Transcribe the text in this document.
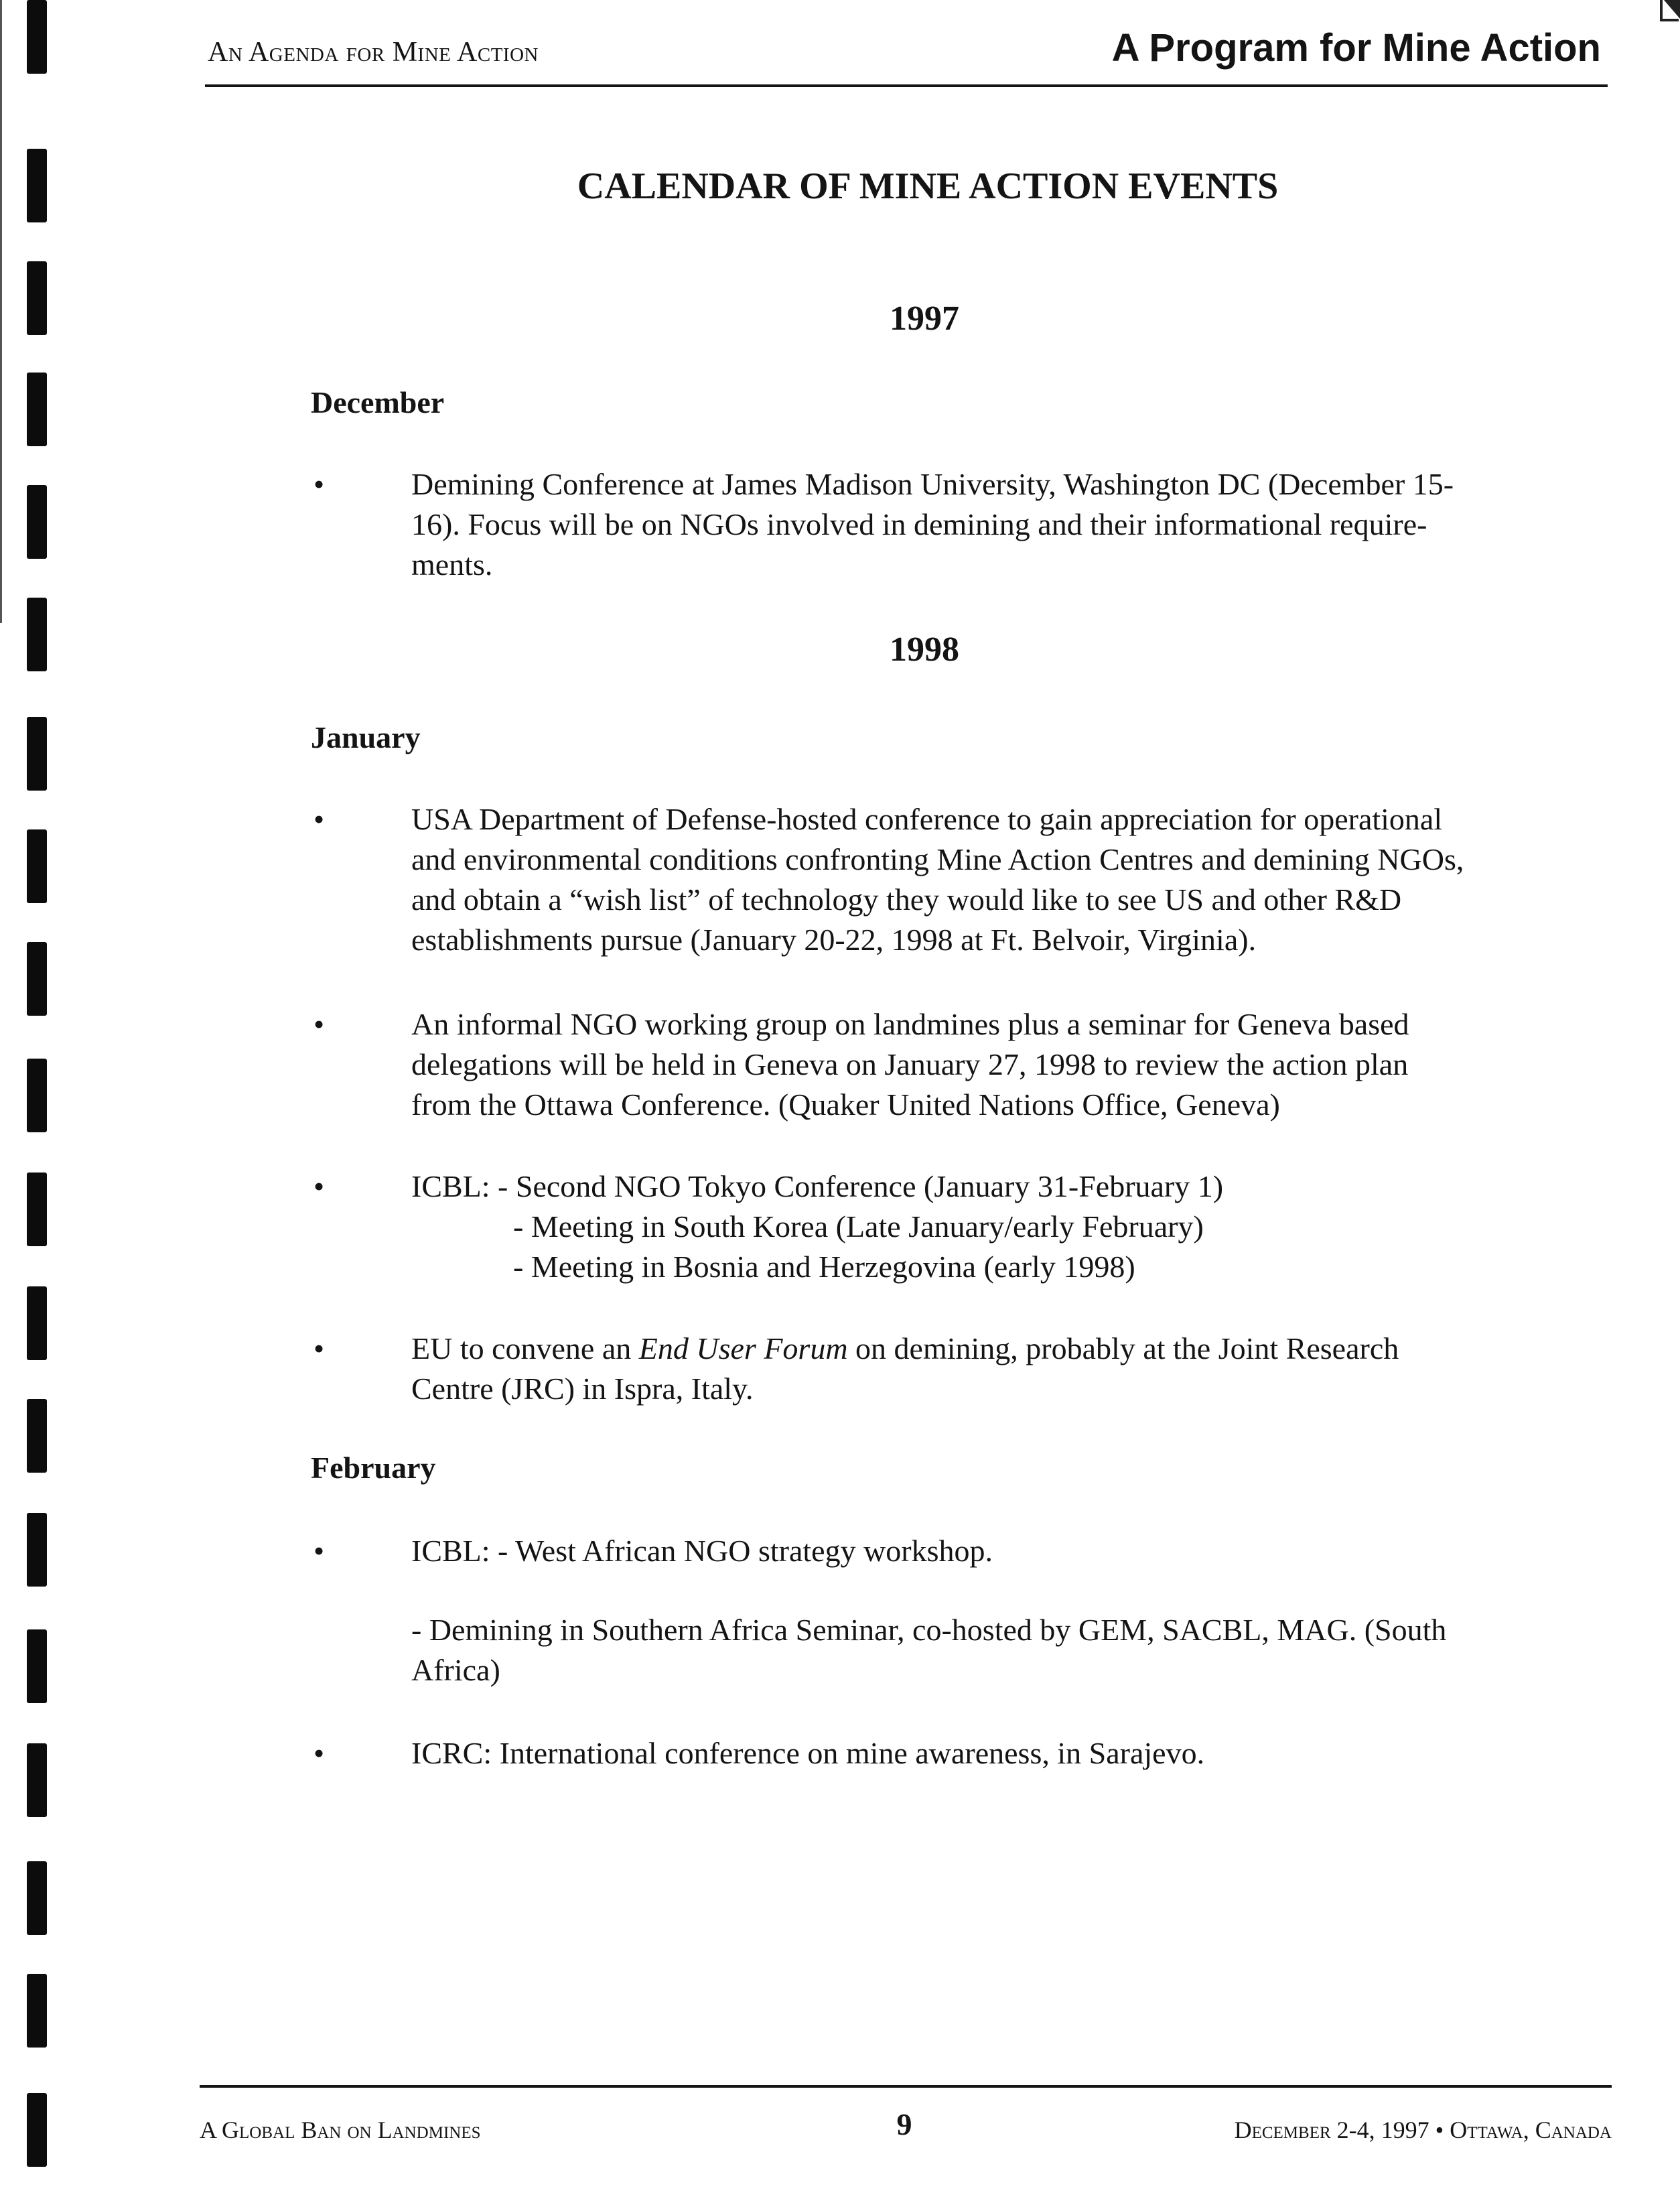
An Agenda for Mine Action	A Program for Mine Action
CALENDAR OF MINE ACTION EVENTS
1997
December
•	Demining Conference at James Madison University, Washington DC (December 15-
16). Focus will be on NGOs involved in demining and their informational require-
ments.
1998
January
•	USA Department of Defense-hosted conference to gain appreciation for operational
and environmental conditions confronting Mine Action Centres and demining NGOs,
and obtain a “wish list” of technology they would like to see US and other R&D
establishments pursue (January 20-22, 1998 at Ft. Belvoir, Virginia).
•	An informal NGO working group on landmines plus a seminar for Geneva based
delegations will be held in Geneva on January 27, 1998 to review the action plan
from the Ottawa Conference. (Quaker United Nations Office, Geneva)
•	ICBL: - Second NGO Tokyo Conference (January 31-February 1)
- Meeting in South Korea (Late January/early February)
- Meeting in Bosnia and Herzegovina (early 1998)
•	EU to convene an End User Forum on demining, probably at the Joint Research
Centre (JRC) in Ispra, Italy.
February
•	ICBL: - West African NGO strategy workshop.
- Demining in Southern Africa Seminar, co-hosted by GEM, SACBL, MAG. (South
Africa)
•	ICRC: International conference on mine awareness, in Sarajevo.
A Global Ban on Landmines	9	December 2-4, 1997 • Ottawa, Canada
